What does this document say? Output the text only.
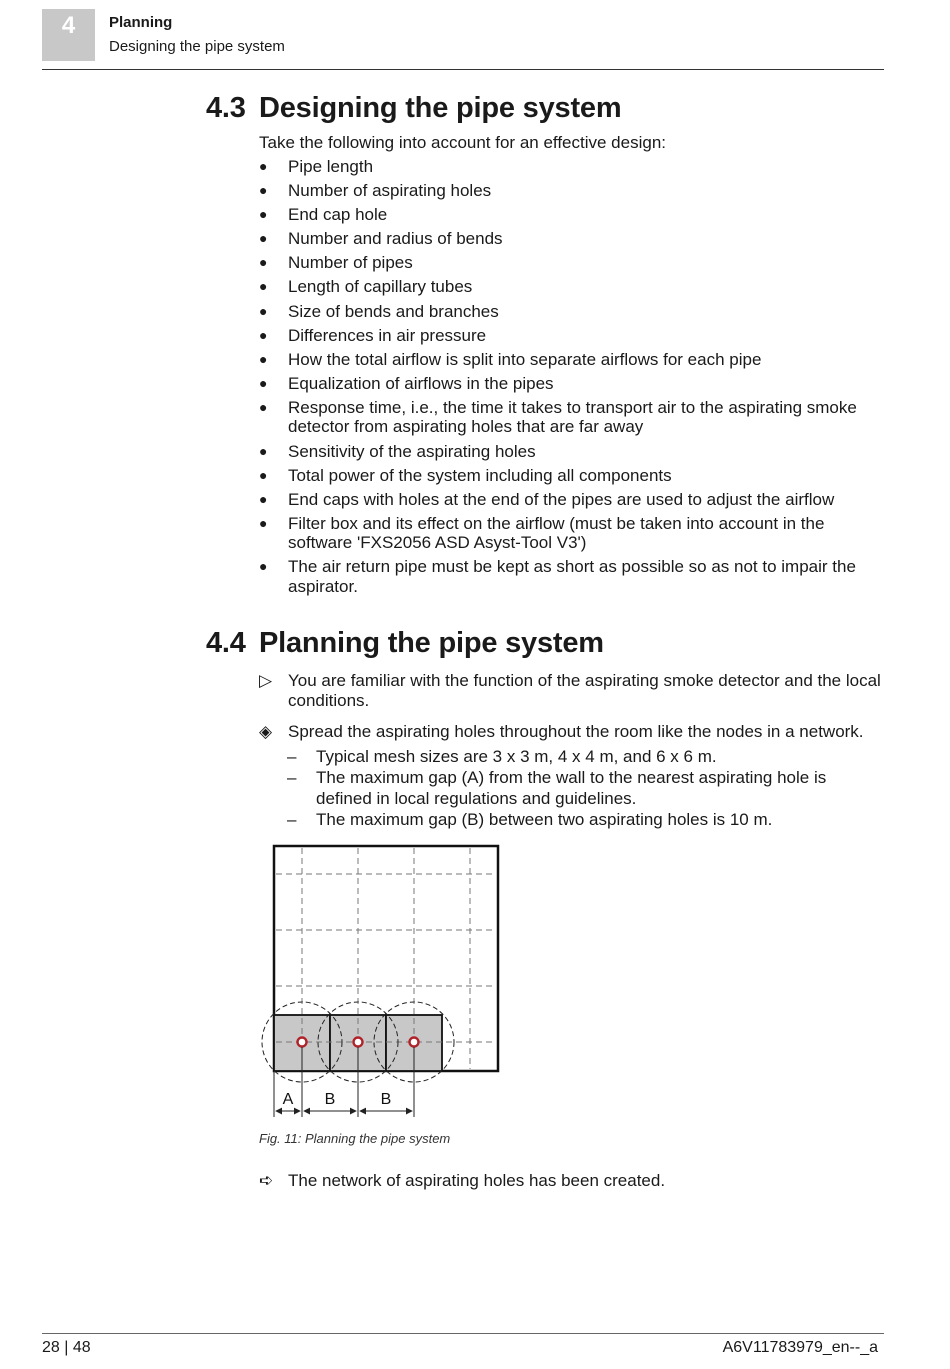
4	Planning
Designing the pipe system
4.3 Designing the pipe system
Take the following into account for an effective design:
● Pipe length
● Number of aspirating holes
● End cap hole
● Number and radius of bends
● Number of pipes
● Length of capillary tubes
● Size of bends and branches
● Differences in air pressure
● How the total airflow is split into separate airflows for each pipe
● Equalization of airflows in the pipes
● Response time, i.e., the time it takes to transport air to the aspirating smoke detector from aspirating holes that are far away
● Sensitivity of the aspirating holes
● Total power of the system including all components
● End caps with holes at the end of the pipes are used to adjust the airflow
● Filter box and its effect on the airflow (must be taken into account in the software 'FXS2056 ASD Asyst-Tool V3')
● The air return pipe must be kept as short as possible so as not to impair the aspirator.
4.4 Planning the pipe system
▷ You are familiar with the function of the aspirating smoke detector and the local conditions.
◈ Spread the aspirating holes throughout the room like the nodes in a network.
– Typical mesh sizes are 3 x 3 m, 4 x 4 m, and 6 x 6 m.
– The maximum gap (A) from the wall to the nearest aspirating hole is defined in local regulations and guidelines.
– The maximum gap (B) between two aspirating holes is 10 m.
A B	B
Fig. 11: Planning the pipe system
➪ The network of aspirating holes has been created.
28 | 48	A6V11783979_en--_a
